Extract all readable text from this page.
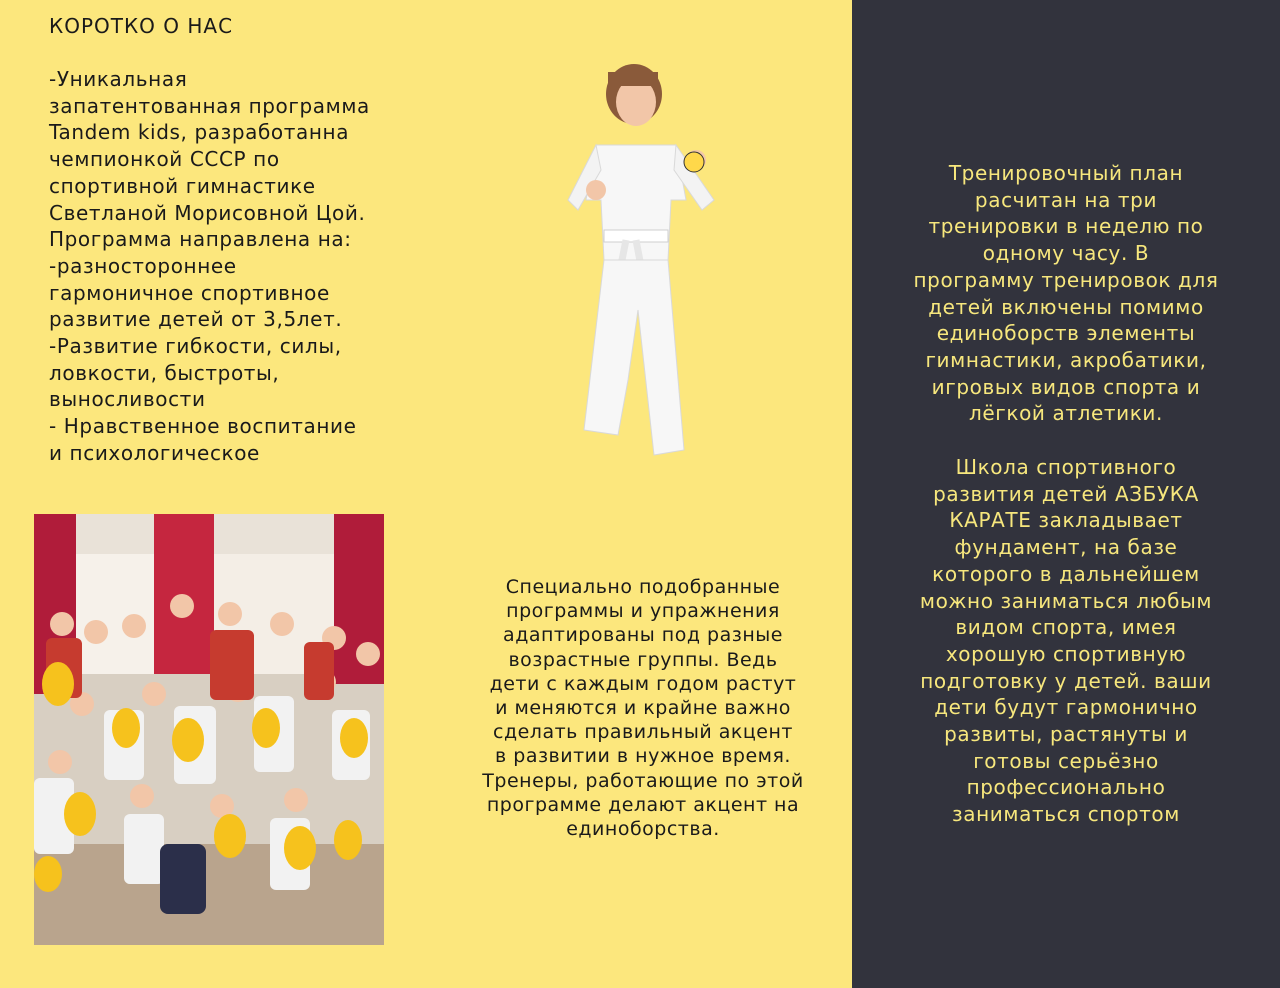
КОРОТКО О НАС
-Уникальная
запатентованная программа
Tandem kids, разработанна
чемпионкой СССР по
спортивной гимнастике
Светланой Морисовной Цой.
Программа направлена на:
-разностороннее
гармоничное спортивное
развитие детей от 3,5лет.
-Развитие гибкости, силы,
ловкости, быстроты,
выносливости
- Нравственное воспитание
и психологическое
Специально подобранные
программы и упражнения
адаптированы под разные
возрастные группы. Ведь
дети с каждым годом растут
и меняются и крайне важно
сделать правильный акцент
в развитии в нужное время.
Тренеры, работающие по этой
программе делают акцент на
единоборства.
Тренировочный план
расчитан на три
тренировки в неделю по
одному часу. В
программу тренировок для
детей включены помимо
единоборств элементы
гимнастики, акробатики,
игровых видов спорта и
лёгкой атлетики.
Школа спортивного
развития детей АЗБУКА
КАРАТЕ закладывает
фундамент, на базе
которого в дальнейшем
можно заниматься любым
видом спорта, имея
хорошую спортивную
подготовку у детей. ваши
дети будут гармонично
развиты, растянуты и
готовы серьёзно
профессионально
заниматься спортом
